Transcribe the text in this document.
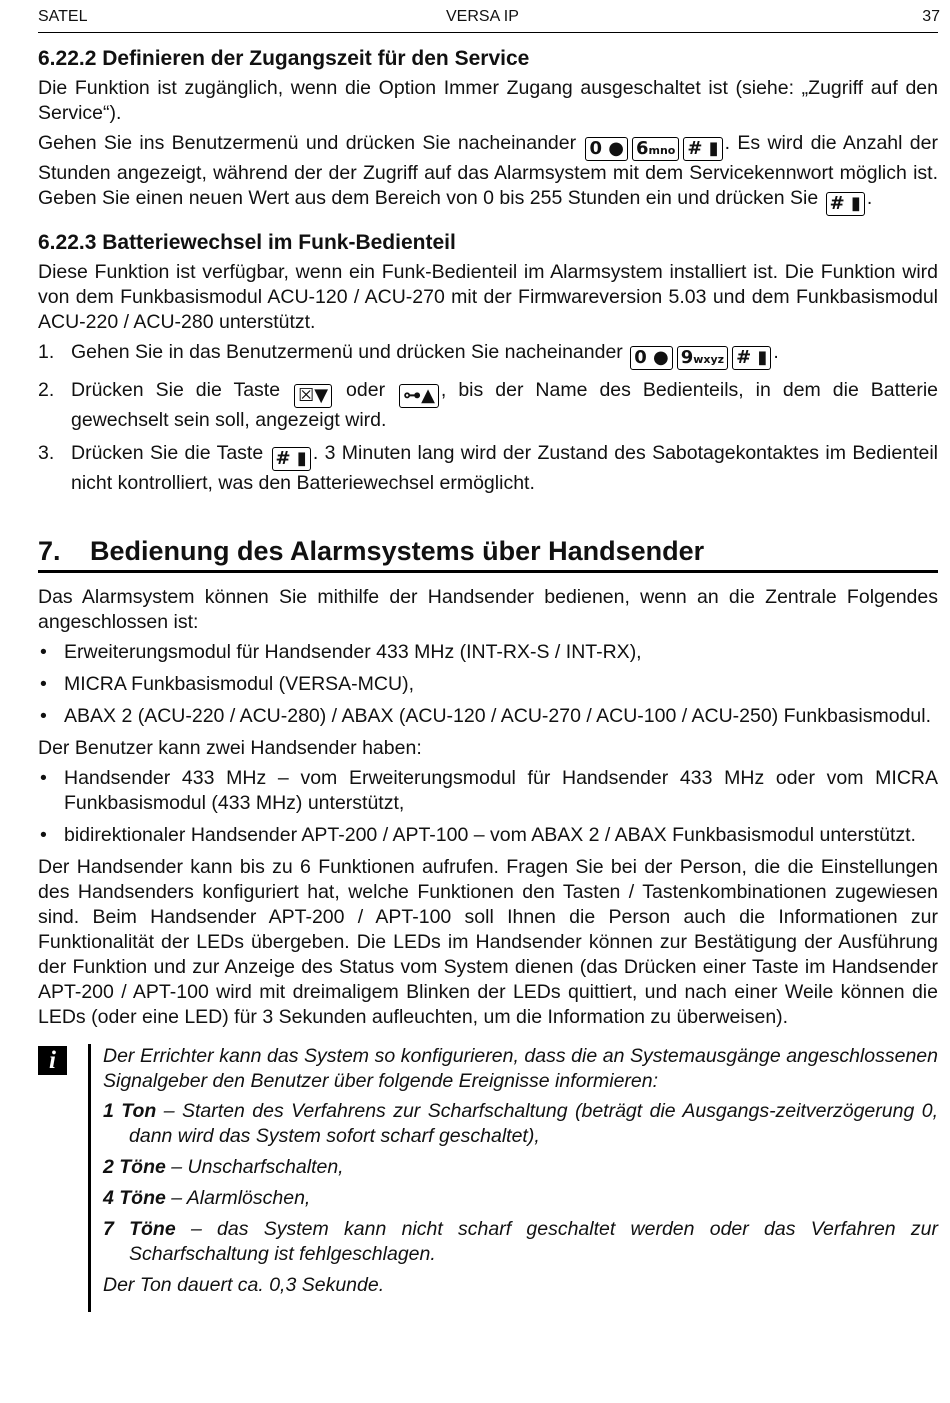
SATEL	VERSA IP	37
6.22.2 Definieren der Zugangszeit für den Service

Die Funktion ist zugänglich, wenn die Option Immer Zugang ausgeschaltet ist (siehe: „Zugriff auf den Service“).

Gehen Sie ins Benutzermenü und drücken Sie nacheinander 0 ● 6mno # ▮ . Es wird die Anzahl der Stunden angezeigt, während der der Zugriff auf das Alarmsystem mit dem Servicekennwort möglich ist. Geben Sie einen neuen Wert aus dem Bereich von 0 bis 255 Stunden ein und drücken Sie # ▮ .

6.22.3 Batteriewechsel im Funk-Bedienteil

Diese Funktion ist verfügbar, wenn ein Funk-Bedienteil im Alarmsystem installiert ist. Die Funktion wird von dem Funkbasismodul ACU-120 / ACU-270 mit der Firmwareversion 5.03 und dem Funkbasismodul ACU-220 / ACU-280 unterstützt.

1. Gehen Sie in das Benutzermenü und drücken Sie nacheinander 0 ● 9wxyz # ▮ .
2. Drücken Sie die Taste ☒▼ oder ⊶▲ , bis der Name des Bedienteils, in dem die Batterie gewechselt sein soll, angezeigt wird.
3. Drücken Sie die Taste # ▮ . 3 Minuten lang wird der Zustand des Sabotagekontaktes im Bedienteil nicht kontrolliert, was den Batteriewechsel ermöglicht.
7. Bedienung des Alarmsystems über Handsender

Das Alarmsystem können Sie mithilfe der Handsender bedienen, wenn an die Zentrale Folgendes angeschlossen ist:

• Erweiterungsmodul für Handsender 433 MHz (INT-RX-S / INT-RX),
• MICRA Funkbasismodul (VERSA-MCU),
• ABAX 2 (ACU-220 / ACU-280) / ABAX (ACU-120 / ACU-270 / ACU-100 / ACU-250) Funkbasismodul.

Der Benutzer kann zwei Handsender haben:

• Handsender 433 MHz – vom Erweiterungsmodul für Handsender 433 MHz oder vom MICRA Funkbasismodul (433 MHz) unterstützt,
• bidirektionaler Handsender APT-200 / APT-100 – vom ABAX 2 / ABAX Funkbasismodul unterstützt.

Der Handsender kann bis zu 6 Funktionen aufrufen. Fragen Sie bei der Person, die die Einstellungen des Handsenders konfiguriert hat, welche Funktionen den Tasten / Tastenkombinationen zugewiesen sind. Beim Handsender APT-200 / APT-100 soll Ihnen die Person auch die Informationen zur Funktionalität der LEDs übergeben. Die LEDs im Handsender können zur Bestätigung der Ausführung der Funktion und zur Anzeige des Status vom System dienen (das Drücken einer Taste im Handsender APT-200 / APT-100 wird mit dreimaligem Blinken der LEDs quittiert, und nach einer Weile können die LEDs (oder eine LED) für 3 Sekunden aufleuchten, um die Information zu überweisen).

i	Der Errichter kann das System so konfigurieren, dass die an Systemausgänge angeschlossenen Signalgeber den Benutzer über folgende Ereignisse informieren:

1 Ton – Starten des Verfahrens zur Scharfschaltung (beträgt die Ausgangs-zeitverzögerung 0, dann wird das System sofort scharf geschaltet),
2 Töne – Unscharfschalten,
4 Töne – Alarmlöschen,
7 Töne – das System kann nicht scharf geschaltet werden oder das Verfahren zur Scharfschaltung ist fehlgeschlagen.

Der Ton dauert ca. 0,3 Sekunde.
